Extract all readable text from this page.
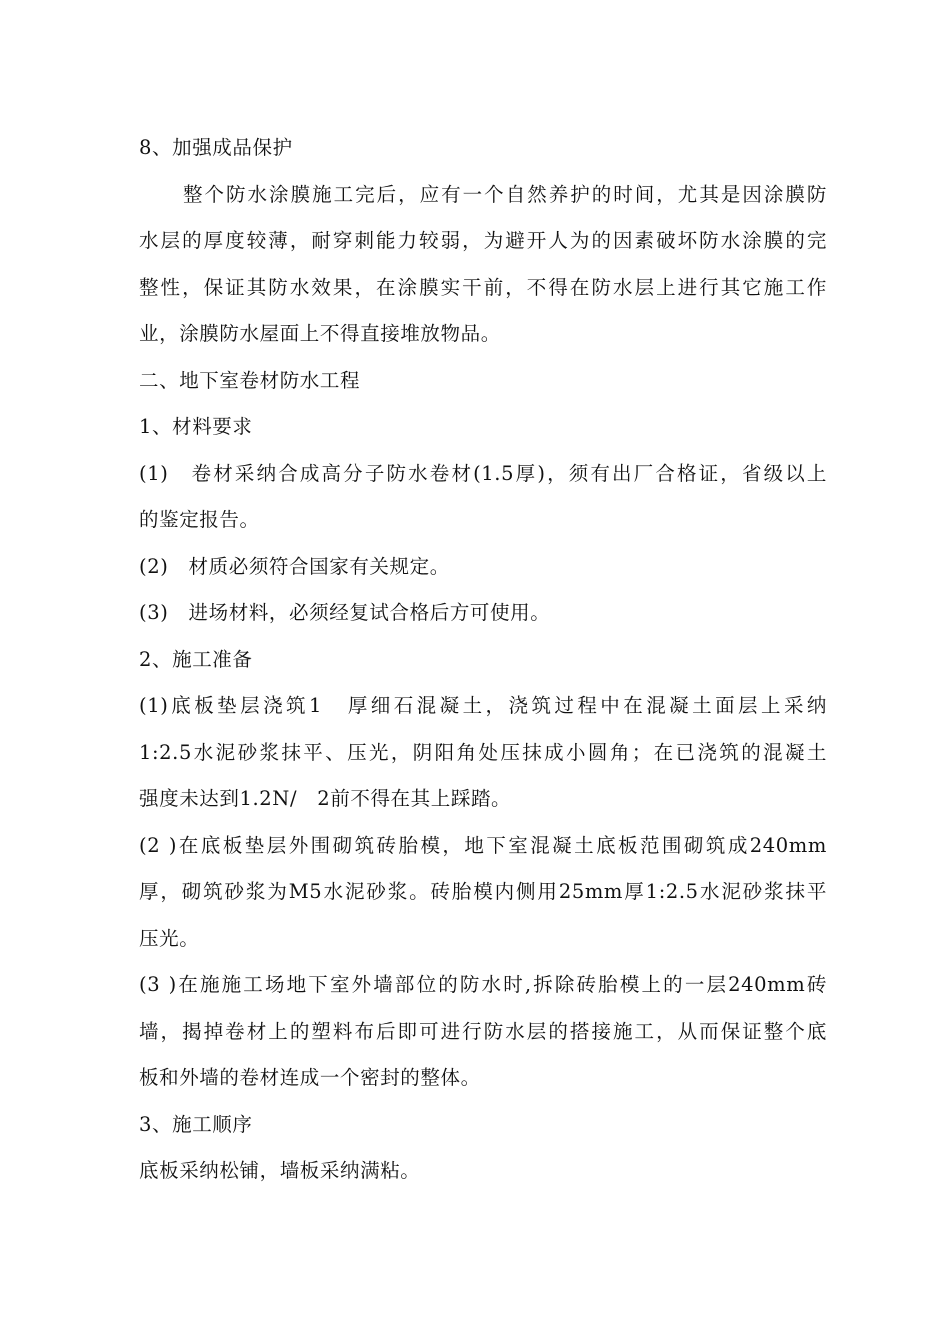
8、加强成品保护
整个防水涂膜施工完后，应有一个自然养护的时间，尤其是因涂膜防
水层的厚度较薄，耐穿刺能力较弱，为避开人为的因素破坏防水涂膜的完
整性，保证其防水效果，在涂膜实干前，不得在防水层上进行其它施工作
业，涂膜防水屋面上不得直接堆放物品。
二、地下室卷材防水工程
1、材料要求
(1)　卷材采纳合成高分子防水卷材(1.5厚)，须有出厂合格证，省级以上
的鉴定报告。
(2)　材质必须符合国家有关规定。
(3)　进场材料，必须经复试合格后方可使用。
2、施工准备
(1)底板垫层浇筑1　厚细石混凝土，浇筑过程中在混凝土面层上采纳
1:2.5水泥砂浆抹平、压光，阴阳角处压抹成小圆角；在已浇筑的混凝土
强度未达到1.2N/　2前不得在其上踩踏。
(2 )在底板垫层外围砌筑砖胎模，地下室混凝土底板范围砌筑成240mm
厚，砌筑砂浆为M5水泥砂浆。砖胎模内侧用25mm厚1:2.5水泥砂浆抹平
压光。
(3 )在施施工场地下室外墙部位的防水时,拆除砖胎模上的一层240mm砖
墙，揭掉卷材上的塑料布后即可进行防水层的搭接施工，从而保证整个底
板和外墙的卷材连成一个密封的整体。
3、施工顺序
底板采纳松铺，墙板采纳满粘。
